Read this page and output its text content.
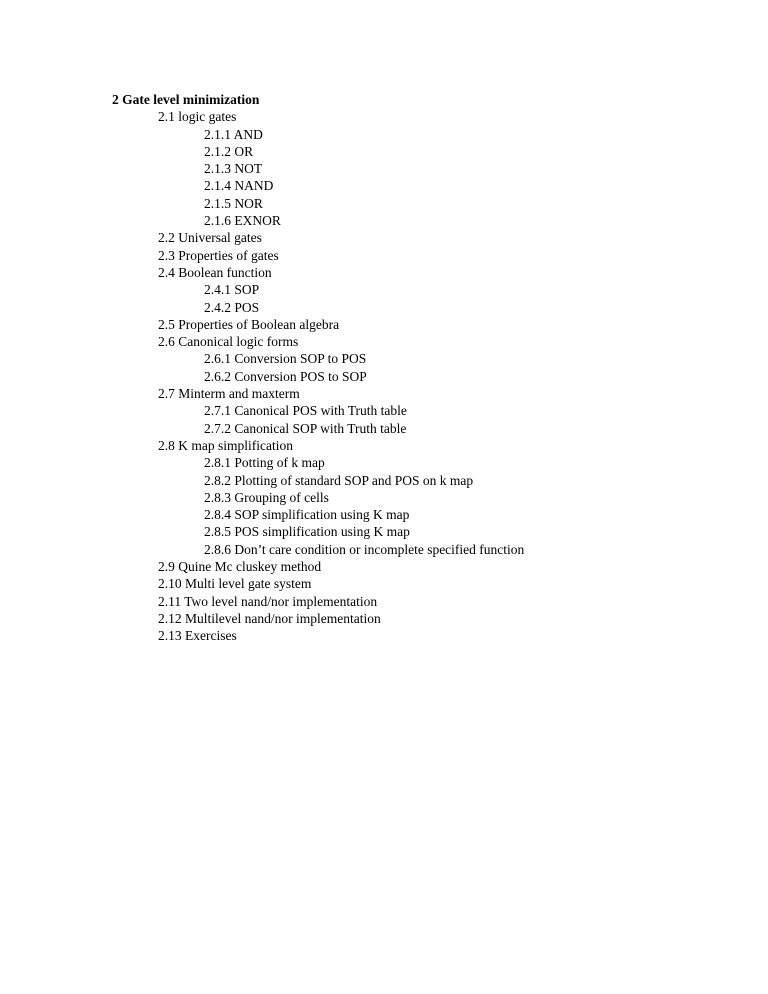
2 Gate level minimization
2.1 logic gates
2.1.1 AND
2.1.2 OR
2.1.3 NOT
2.1.4 NAND
2.1.5 NOR
2.1.6 EXNOR
2.2 Universal gates
2.3 Properties of gates
2.4 Boolean function
2.4.1 SOP
2.4.2 POS
2.5 Properties of Boolean algebra
2.6 Canonical logic forms
2.6.1 Conversion SOP to POS
2.6.2 Conversion POS to SOP
2.7 Minterm and maxterm
2.7.1 Canonical POS with Truth table
2.7.2 Canonical SOP with Truth table
2.8 K map simplification
2.8.1 Potting of k map
2.8.2 Plotting of standard SOP and POS on k map
2.8.3 Grouping of cells
2.8.4 SOP simplification using K map
2.8.5 POS simplification using K map
2.8.6 Don’t care condition or incomplete specified function
2.9 Quine Mc cluskey method
2.10 Multi level gate system
2.11 Two level nand/nor implementation
2.12 Multilevel nand/nor implementation
2.13 Exercises
